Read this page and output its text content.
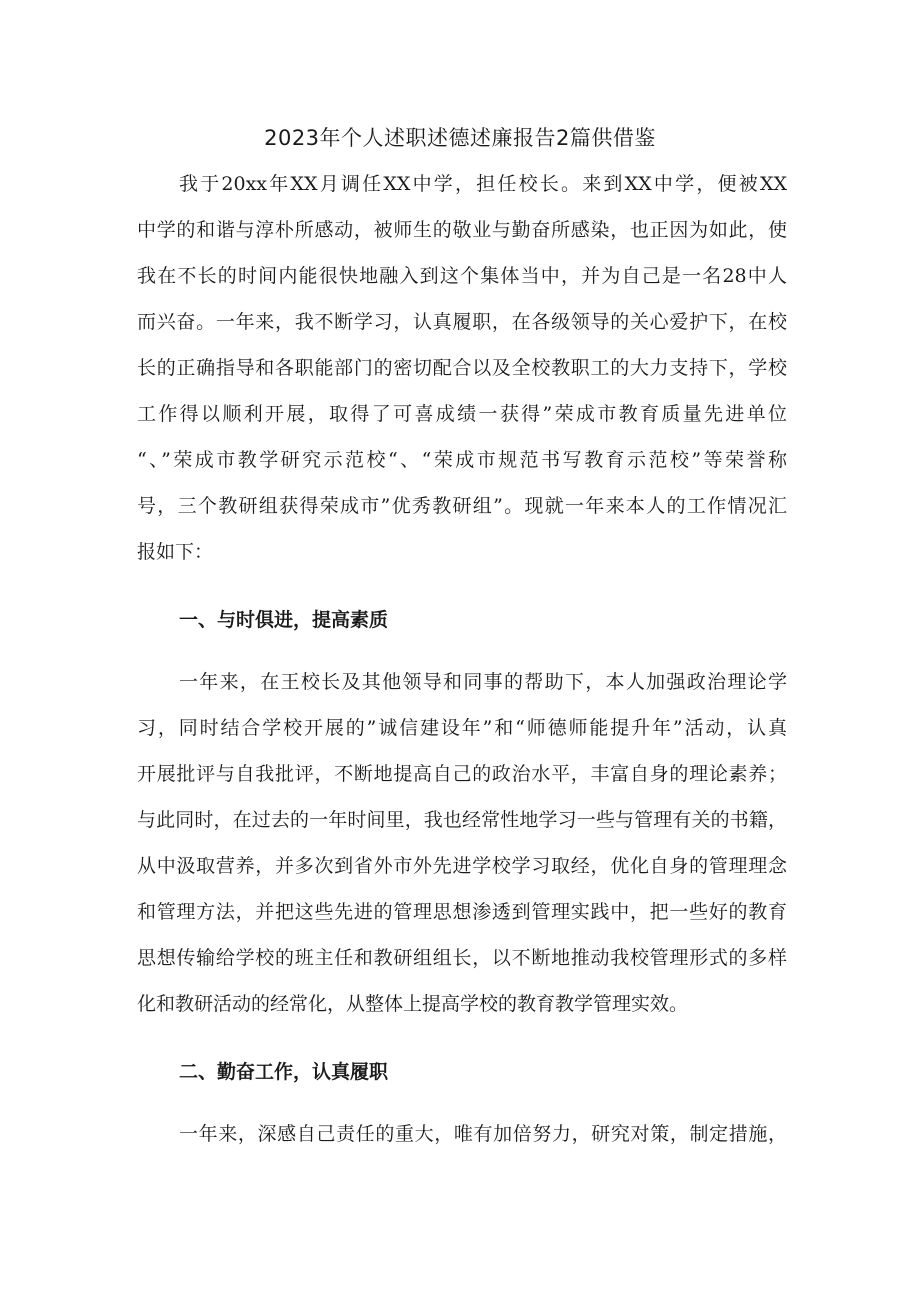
2023年个人述职述德述廉报告2篇供借鉴
我于20xx年XX月调任XX中学，担任校长。来到XX中学，便被XX
中学的和谐与淳朴所感动，被师生的敬业与勤奋所感染，也正因为如此，使
我在不长的时间内能很快地融入到这个集体当中，并为自己是一名28中人
而兴奋。一年来，我不断学习，认真履职，在各级领导的关心爱护下，在校
长的正确指导和各职能部门的密切配合以及全校教职工的大力支持下，学校
工作得以顺利开展，取得了可喜成绩一获得”荣成市教育质量先进单位
“、”荣成市教学研究示范校“、“荣成市规范书写教育示范校”等荣誉称
号，三个教研组获得荣成市”优秀教研组”。现就一年来本人的工作情况汇
报如下：
一、与时俱进，提高素质
一年来，在王校长及其他领导和同事的帮助下，本人加强政治理论学
习，同时结合学校开展的”诚信建设年”和“师德师能提升年”活动，认真
开展批评与自我批评，不断地提高自己的政治水平，丰富自身的理论素养；
与此同时，在过去的一年时间里，我也经常性地学习一些与管理有关的书籍，
从中汲取营养，并多次到省外市外先进学校学习取经，优化自身的管理理念
和管理方法，并把这些先进的管理思想渗透到管理实践中，把一些好的教育
思想传输给学校的班主任和教研组组长，以不断地推动我校管理形式的多样
化和教研活动的经常化，从整体上提高学校的教育教学管理实效。
二、勤奋工作，认真履职
一年来，深感自己责任的重大，唯有加倍努力，研究对策，制定措施，
